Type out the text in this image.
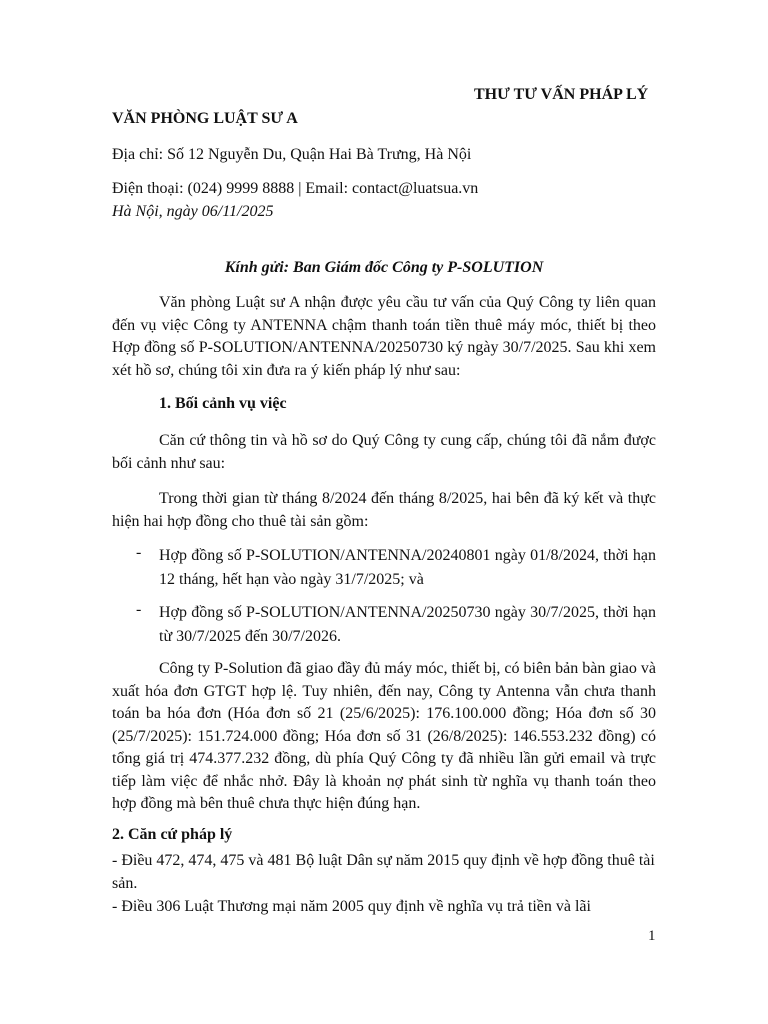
THƯ TƯ VẤN PHÁP LÝ
VĂN PHÒNG LUẬT SƯ A
Địa chỉ: Số 12 Nguyễn Du, Quận Hai Bà Trưng, Hà Nội
Điện thoại: (024) 9999 8888 | Email: contact@luatsua.vn
Hà Nội, ngày 06/11/2025
Kính gửi: Ban Giám đốc Công ty P-SOLUTION
Văn phòng Luật sư A nhận được yêu cầu tư vấn của Quý Công ty liên quan đến vụ việc Công ty ANTENNA chậm thanh toán tiền thuê máy móc, thiết bị theo Hợp đồng số P-SOLUTION/ANTENNA/20250730 ký ngày 30/7/2025. Sau khi xem xét hồ sơ, chúng tôi xin đưa ra ý kiến pháp lý như sau:
1. Bối cảnh vụ việc
Căn cứ thông tin và hồ sơ do Quý Công ty cung cấp, chúng tôi đã nắm được bối cảnh như sau:
Trong thời gian từ tháng 8/2024 đến tháng 8/2025, hai bên đã ký kết và thực hiện hai hợp đồng cho thuê tài sản gồm:
- Hợp đồng số P-SOLUTION/ANTENNA/20240801 ngày 01/8/2024, thời hạn 12 tháng, hết hạn vào ngày 31/7/2025; và
- Hợp đồng số P-SOLUTION/ANTENNA/20250730 ngày 30/7/2025, thời hạn từ 30/7/2025 đến 30/7/2026.
Công ty P-Solution đã giao đầy đủ máy móc, thiết bị, có biên bản bàn giao và xuất hóa đơn GTGT hợp lệ. Tuy nhiên, đến nay, Công ty Antenna vẫn chưa thanh toán ba hóa đơn (Hóa đơn số 21 (25/6/2025): 176.100.000 đồng; Hóa đơn số 30 (25/7/2025): 151.724.000 đồng; Hóa đơn số 31 (26/8/2025): 146.553.232 đồng) có tổng giá trị 474.377.232 đồng, dù phía Quý Công ty đã nhiều lần gửi email và trực tiếp làm việc để nhắc nhở. Đây là khoản nợ phát sinh từ nghĩa vụ thanh toán theo hợp đồng mà bên thuê chưa thực hiện đúng hạn.
2. Căn cứ pháp lý
- Điều 472, 474, 475 và 481 Bộ luật Dân sự năm 2015 quy định về hợp đồng thuê tài sản.
- Điều 306 Luật Thương mại năm 2005 quy định về nghĩa vụ trả tiền và lãi
1
